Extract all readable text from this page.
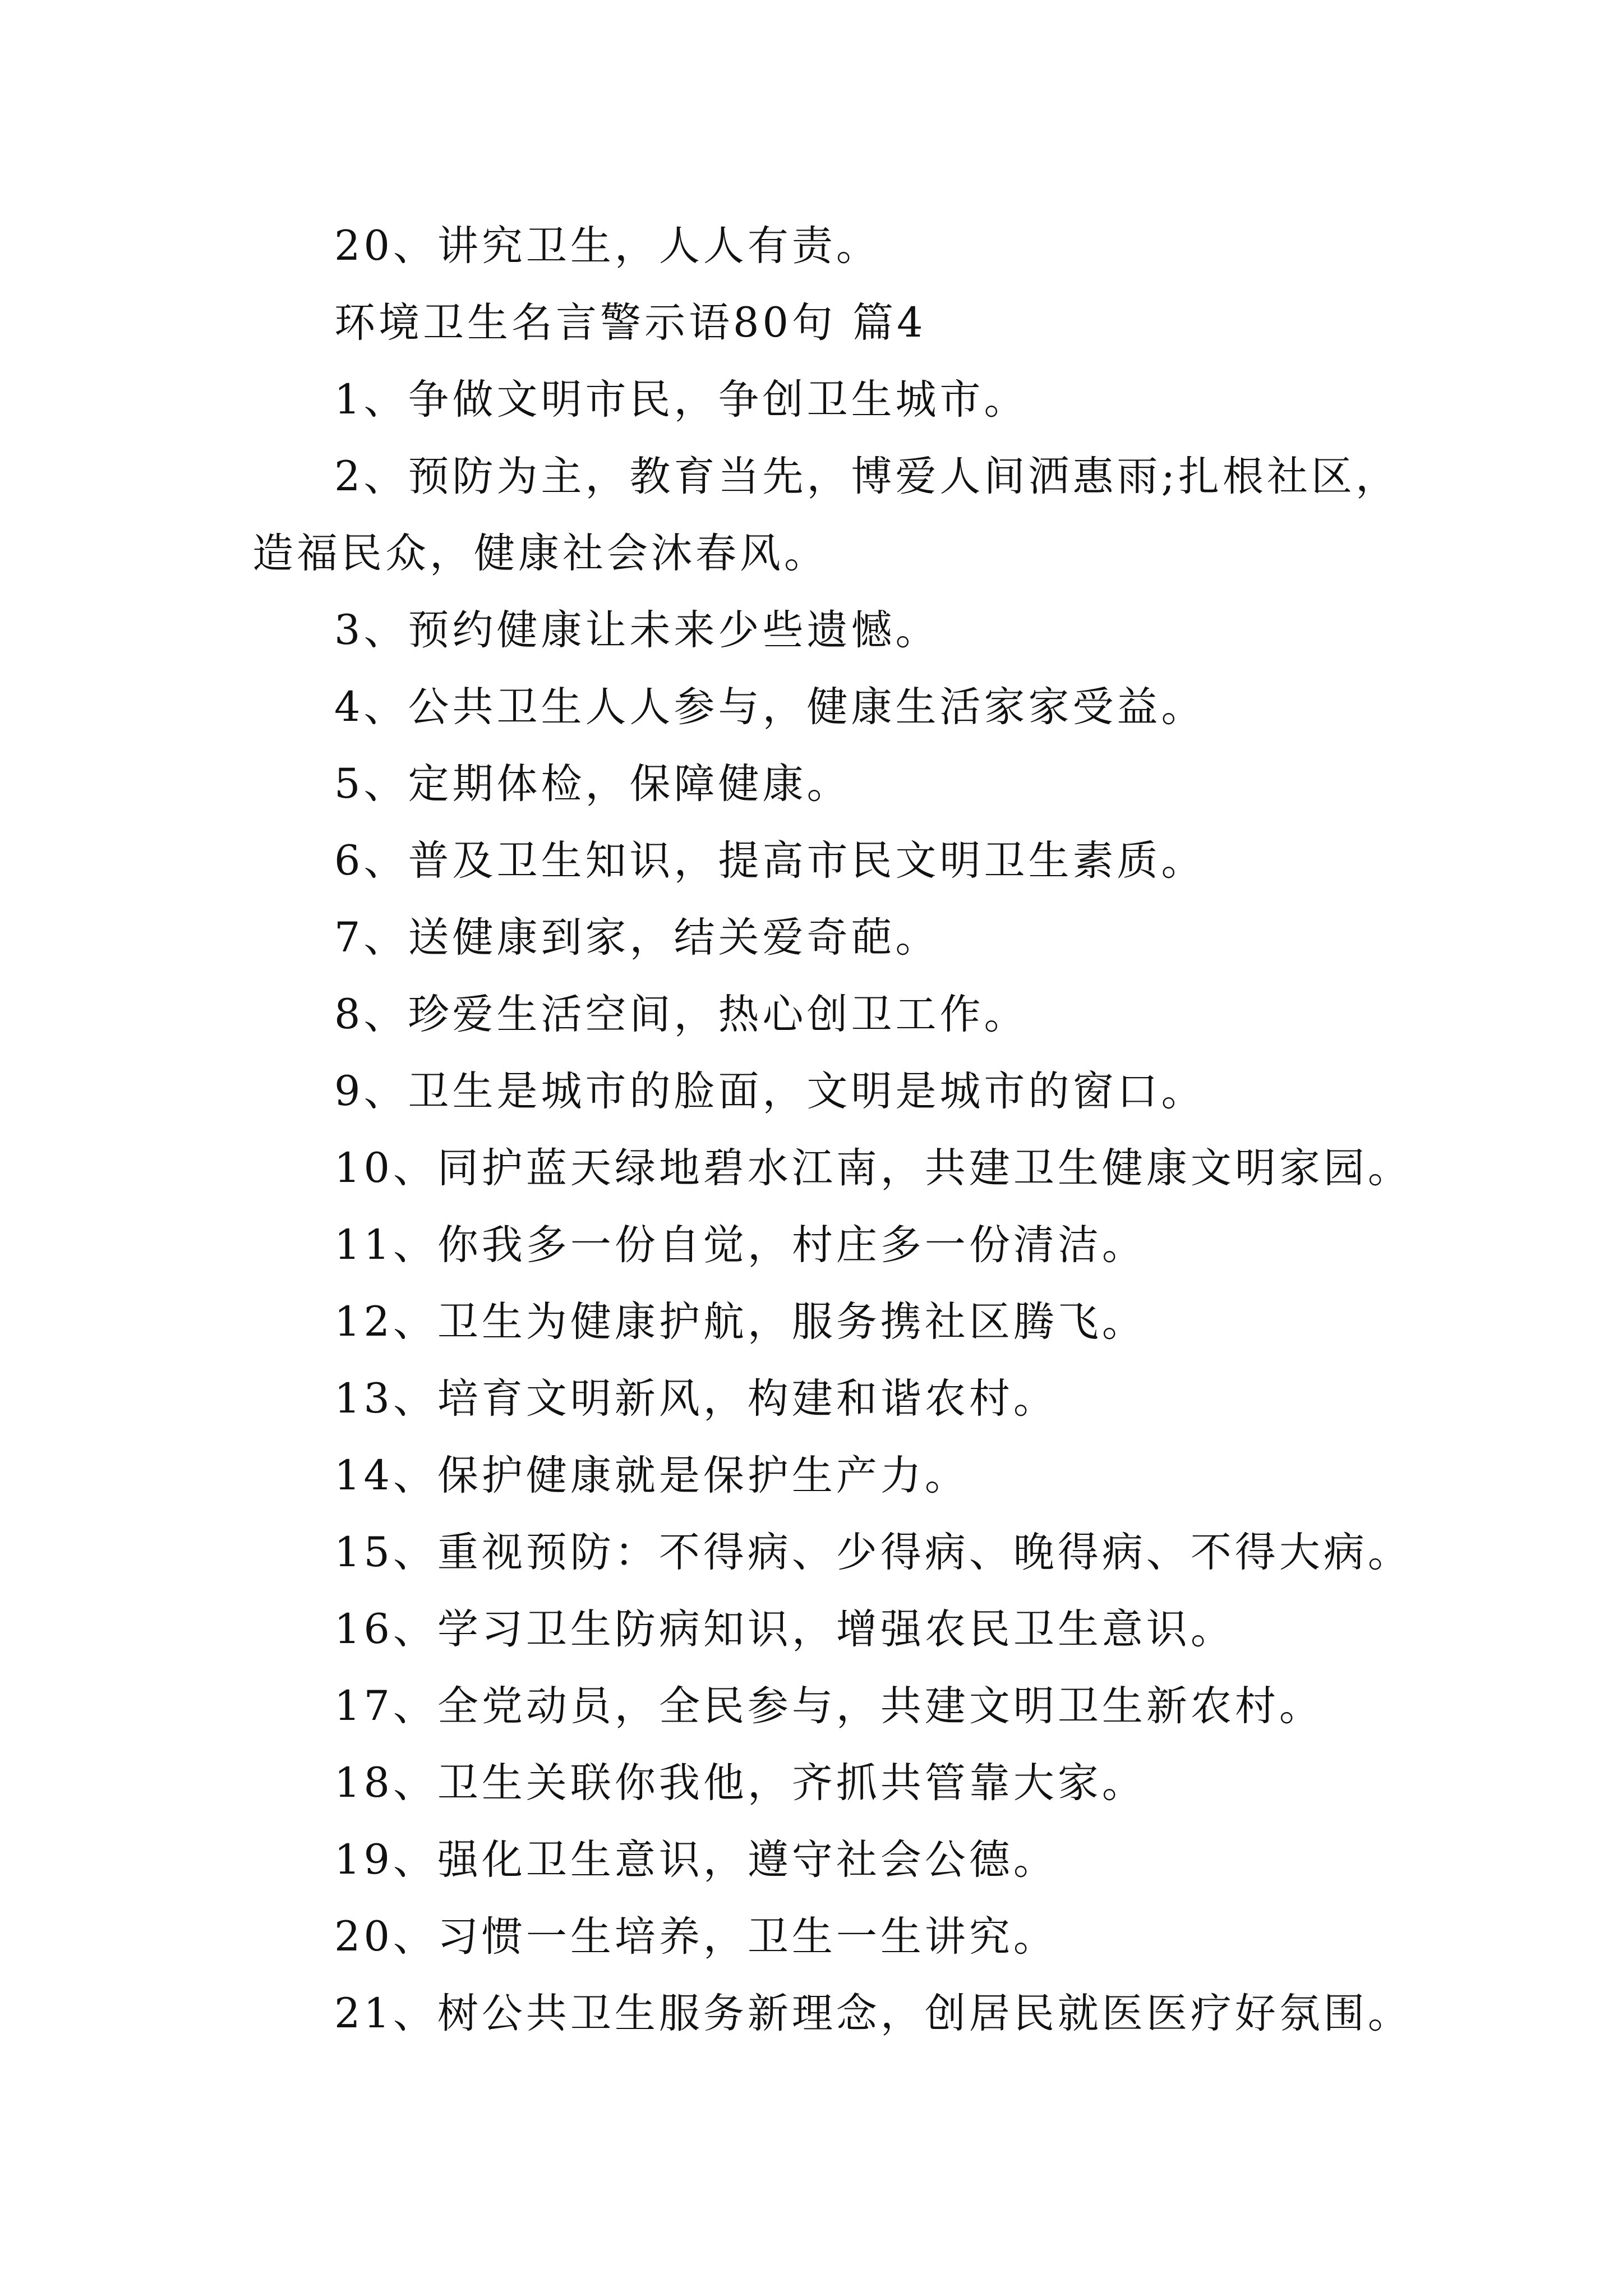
20、讲究卫生，人人有责。
环境卫生名言警示语80句 篇4
1、争做文明市民，争创卫生城市。
2、预防为主，教育当先，博爱人间洒惠雨;扎根社区，造福民众，健康社会沐春风。
3、预约健康让未来少些遗憾。
4、公共卫生人人参与，健康生活家家受益。
5、定期体检，保障健康。
6、普及卫生知识，提高市民文明卫生素质。
7、送健康到家，结关爱奇葩。
8、珍爱生活空间，热心创卫工作。
9、卫生是城市的脸面，文明是城市的窗口。
10、同护蓝天绿地碧水江南，共建卫生健康文明家园。
11、你我多一份自觉，村庄多一份清洁。
12、卫生为健康护航，服务携社区腾飞。
13、培育文明新风，构建和谐农村。
14、保护健康就是保护生产力。
15、重视预防：不得病、少得病、晚得病、不得大病。
16、学习卫生防病知识，增强农民卫生意识。
17、全党动员，全民参与，共建文明卫生新农村。
18、卫生关联你我他，齐抓共管靠大家。
19、强化卫生意识，遵守社会公德。
20、习惯一生培养，卫生一生讲究。
21、树公共卫生服务新理念，创居民就医医疗好氛围。
